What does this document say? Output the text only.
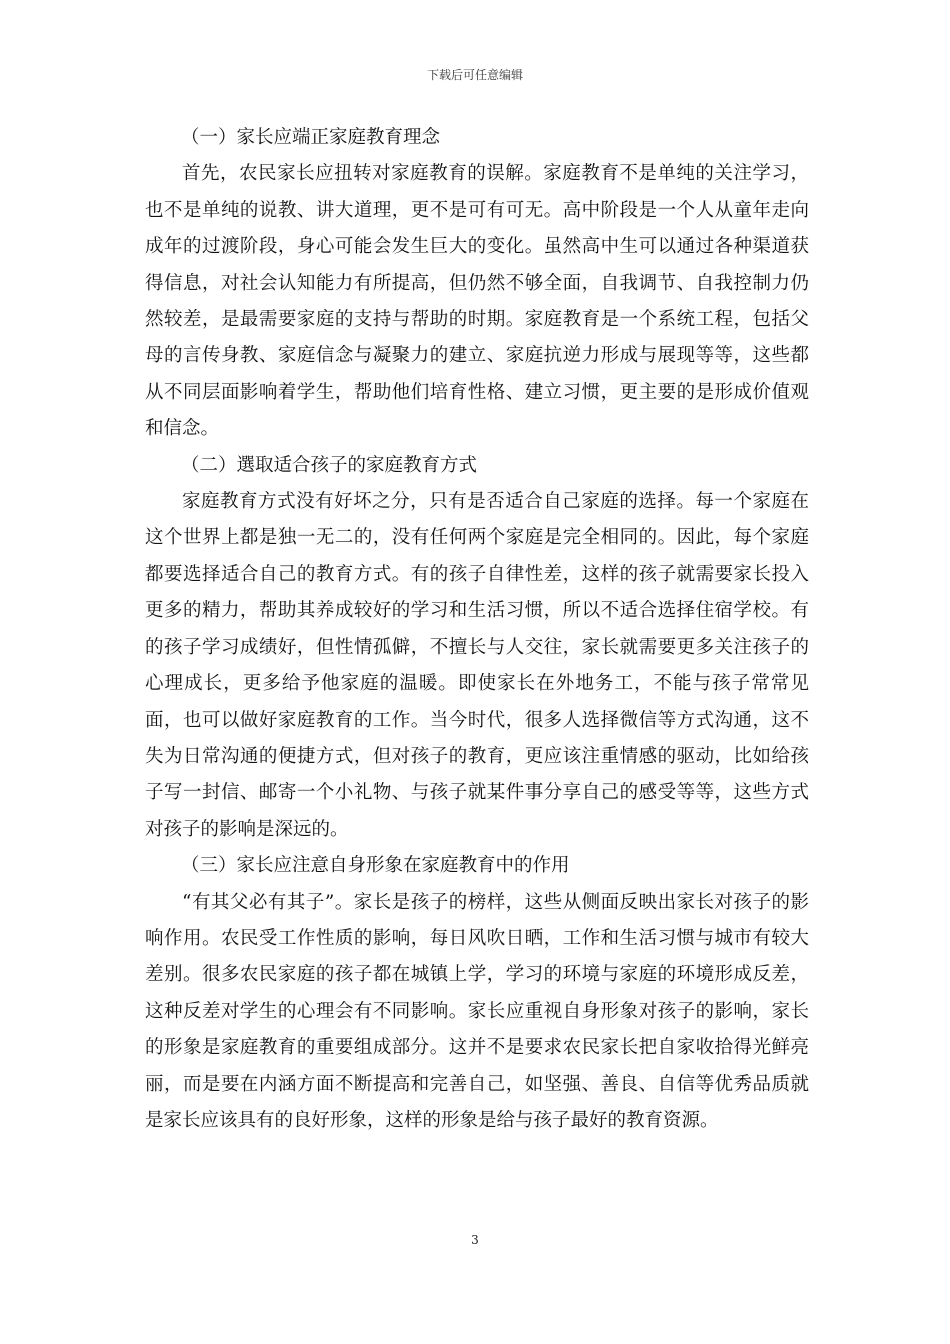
下载后可任意编辑

（一）家长应端正家庭教育理念

首先，农民家长应扭转对家庭教育的误解。家庭教育不是单纯的关注学习，也不是单纯的说教、讲大道理，更不是可有可无。高中阶段是一个人从童年走向成年的过渡阶段，身心可能会发生巨大的变化。虽然高中生可以通过各种渠道获得信息，对社会认知能力有所提高，但仍然不够全面，自我调节、自我控制力仍然较差，是最需要家庭的支持与帮助的时期。家庭教育是一个系统工程，包括父母的言传身教、家庭信念与凝聚力的建立、家庭抗逆力形成与展现等等，这些都从不同层面影响着学生，帮助他们培育性格、建立习惯，更主要的是形成价值观和信念。

（二）選取适合孩子的家庭教育方式

家庭教育方式没有好坏之分，只有是否适合自己家庭的选择。每一个家庭在这个世界上都是独一无二的，没有任何两个家庭是完全相同的。因此，每个家庭都要选择适合自己的教育方式。有的孩子自律性差，这样的孩子就需要家长投入更多的精力，帮助其养成较好的学习和生活习惯，所以不适合选择住宿学校。有的孩子学习成绩好，但性情孤僻，不擅长与人交往，家长就需要更多关注孩子的心理成长，更多给予他家庭的温暖。即使家长在外地务工，不能与孩子常常见面，也可以做好家庭教育的工作。当今时代，很多人选择微信等方式沟通，这不失为日常沟通的便捷方式，但对孩子的教育，更应该注重情感的驱动，比如给孩子写一封信、邮寄一个小礼物、与孩子就某件事分享自己的感受等等，这些方式对孩子的影响是深远的。

（三）家长应注意自身形象在家庭教育中的作用

“有其父必有其子”。家长是孩子的榜样，这些从侧面反映出家长对孩子的影响作用。农民受工作性质的影响，每日风吹日晒，工作和生活习惯与城市有较大差别。很多农民家庭的孩子都在城镇上学，学习的环境与家庭的环境形成反差，这种反差对学生的心理会有不同影响。家长应重视自身形象对孩子的影响，家长的形象是家庭教育的重要组成部分。这并不是要求农民家长把自家收拾得光鲜亮丽，而是要在内涵方面不断提高和完善自己，如坚强、善良、自信等优秀品质就是家长应该具有的良好形象，这样的形象是给与孩子最好的教育资源。

3
